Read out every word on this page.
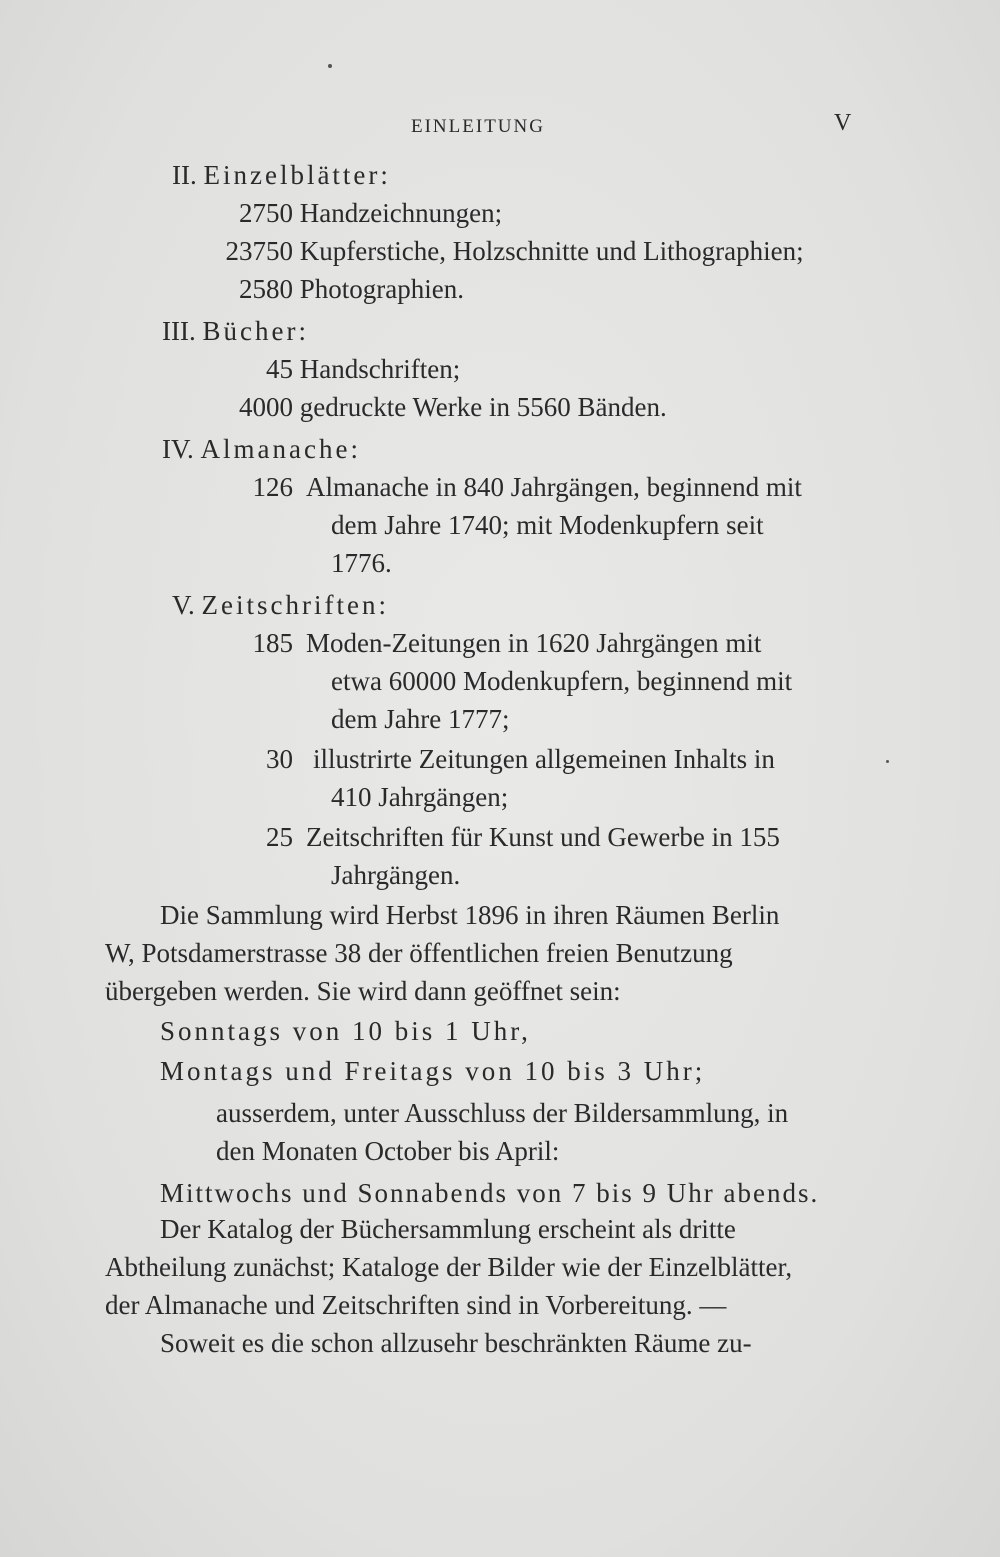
EINLEITUNG	V
II. Einzelblätter:
2750 Handzeichnungen;
23750 Kupferstiche, Holzschnitte und Lithographien;
2580 Photographien.
III. Bücher:
45 Handschriften;
4000 gedruckte Werke in 5560 Bänden.
IV. Almanache:
126 Almanache in 840 Jahrgängen, beginnend mit
dem Jahre 1740; mit Modenkupfern seit
1776.
V. Zeitschriften:
185 Moden-Zeitungen in 1620 Jahrgängen mit
etwa 60000 Modenkupfern, beginnend mit
dem Jahre 1777;
30 illustrirte Zeitungen allgemeinen Inhalts in
410 Jahrgängen;
25 Zeitschriften für Kunst und Gewerbe in 155
Jahrgängen.
Die Sammlung wird Herbst 1896 in ihren Räumen Berlin
W, Potsdamerstrasse 38 der öffentlichen freien Benutzung
übergeben werden. Sie wird dann geöffnet sein:
Sonntags von 10 bis 1 Uhr,
Montags und Freitags von 10 bis 3 Uhr;
ausserdem, unter Ausschluss der Bildersammlung, in
den Monaten October bis April:
Mittwochs und Sonnabends von 7 bis 9 Uhr abends.
Der Katalog der Büchersammlung erscheint als dritte
Abtheilung zunächst; Kataloge der Bilder wie der Einzelblätter,
der Almanache und Zeitschriften sind in Vorbereitung. —
Soweit es die schon allzusehr beschränkten Räume zu-
